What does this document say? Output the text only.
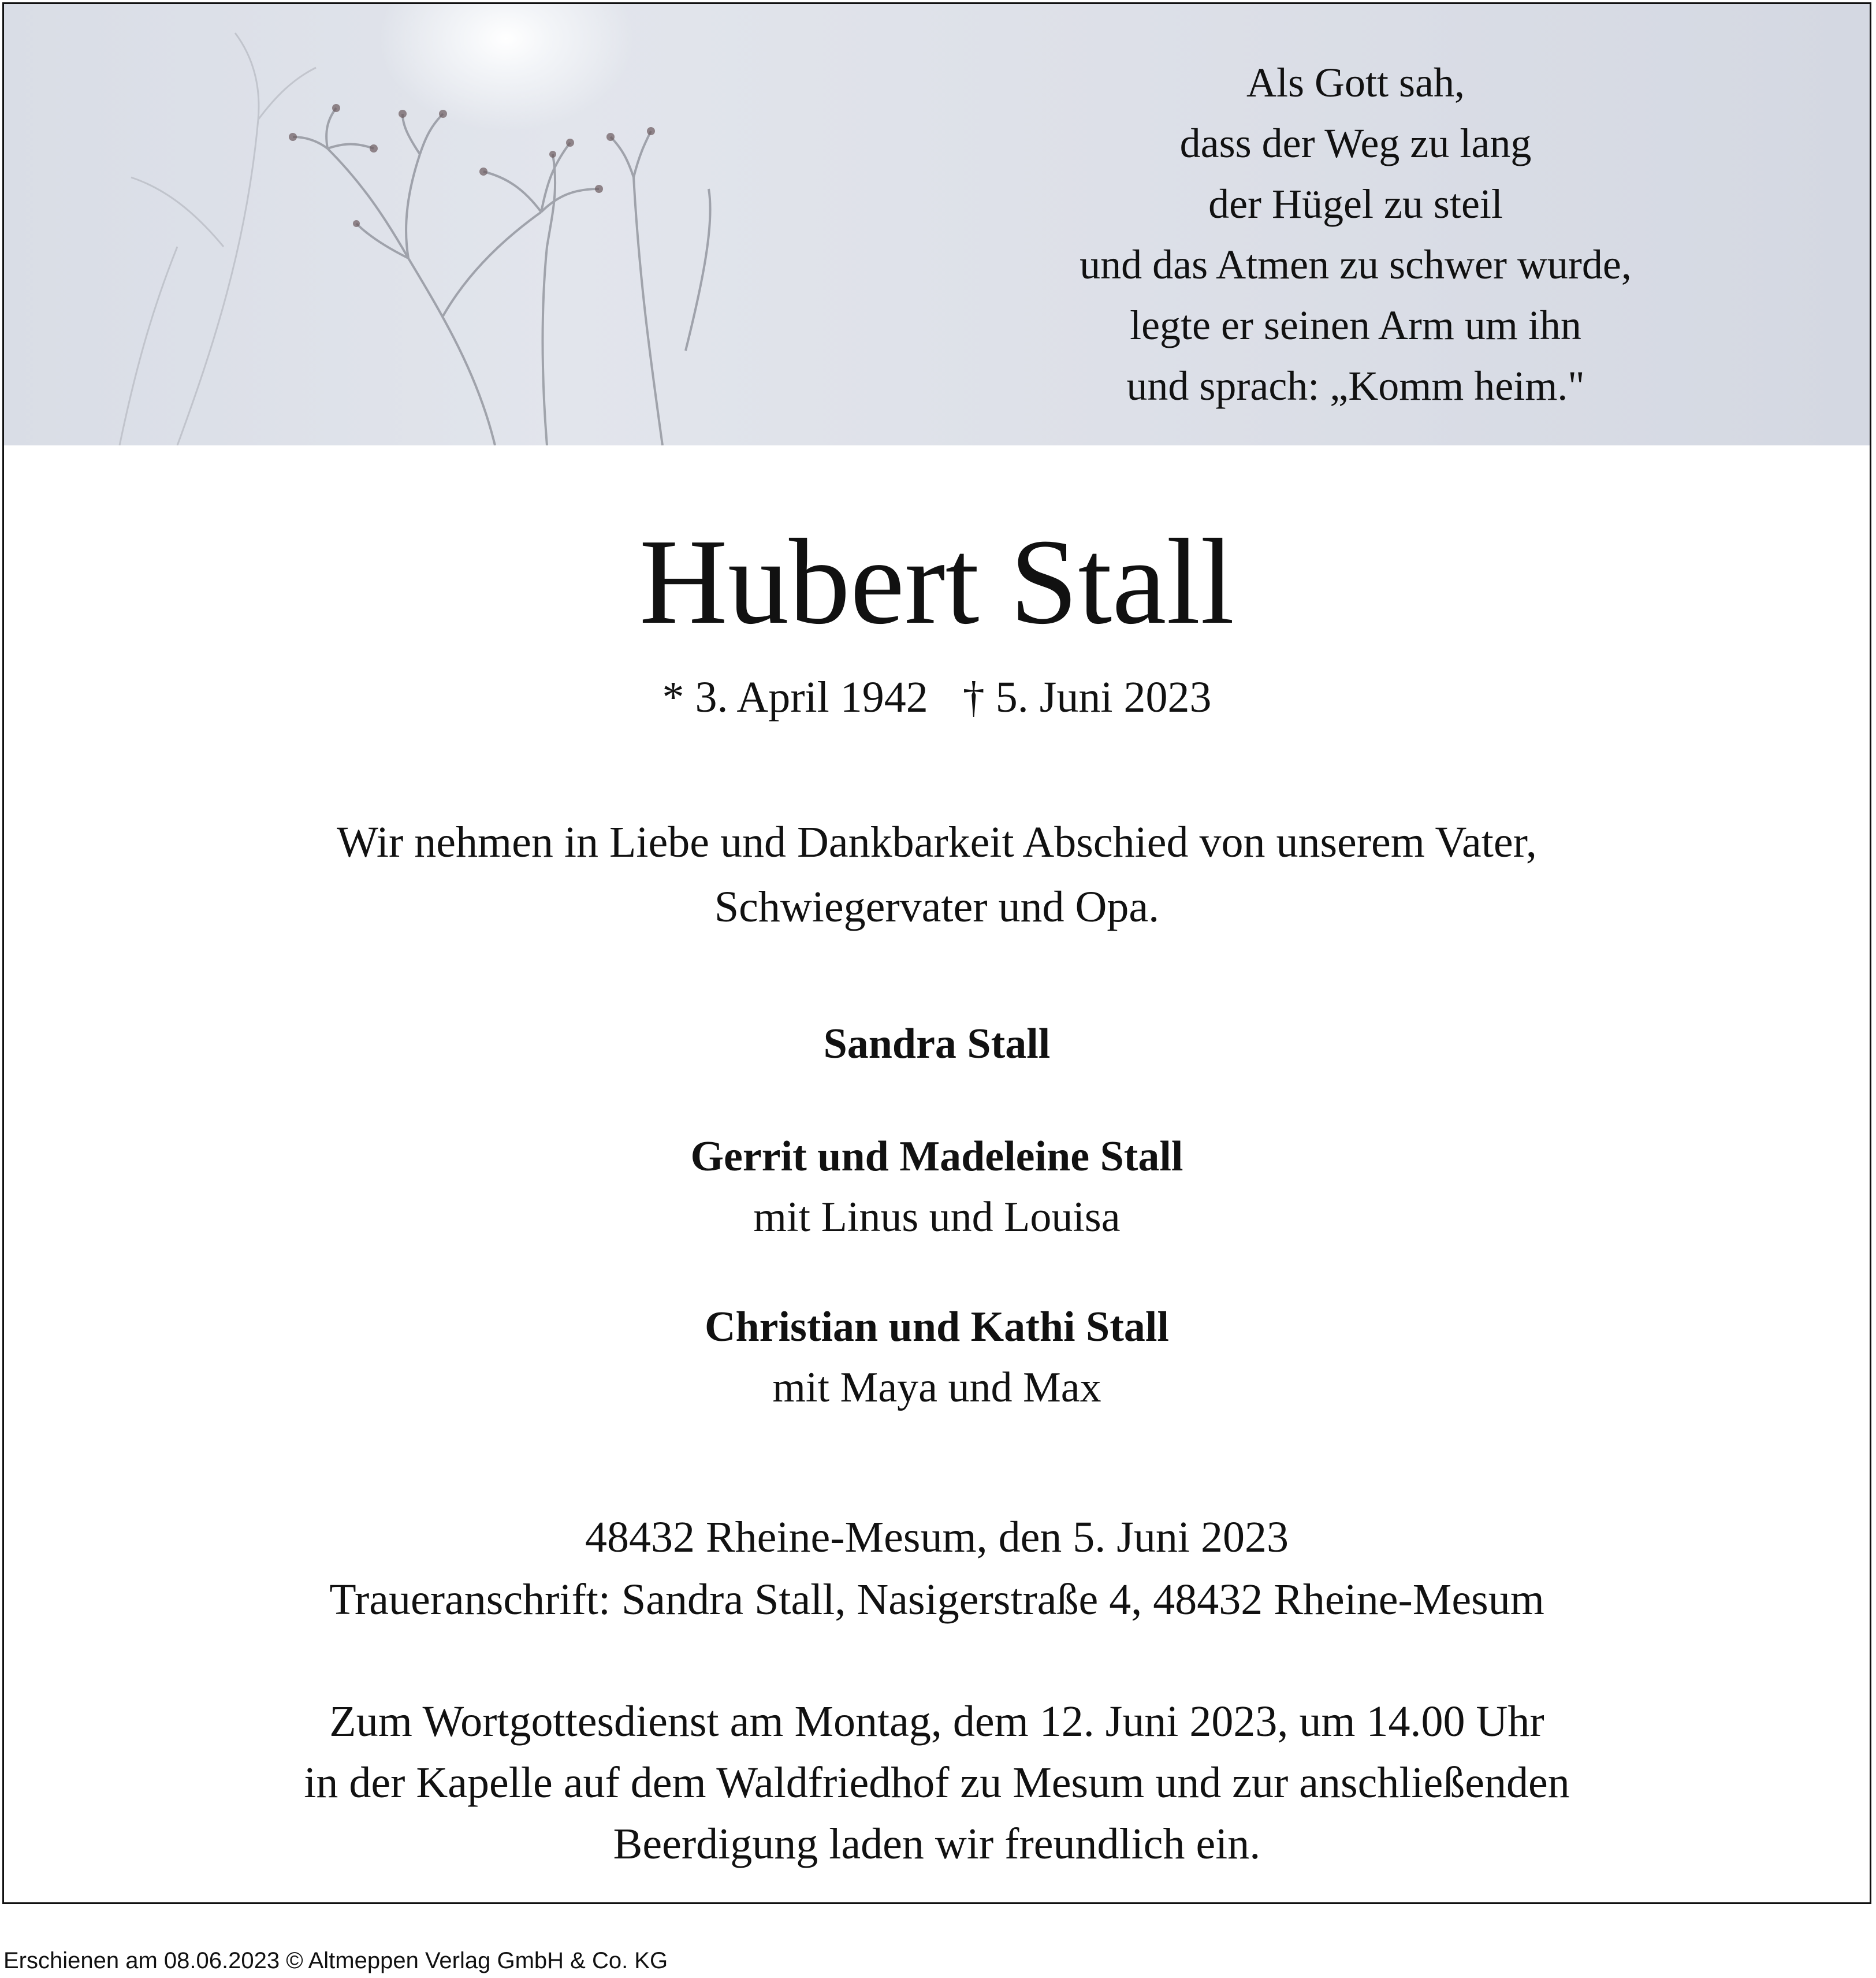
Als Gott sah,
dass der Weg zu lang
der Hügel zu steil
und das Atmen zu schwer wurde,
legte er seinen Arm um ihn
und sprach: „Komm heim."
Hubert Stall
* 3. April 1942 † 5. Juni 2023
Wir nehmen in Liebe und Dankbarkeit Abschied von unserem Vater,
Schwiegervater und Opa.
Sandra Stall
Gerrit und Madeleine Stall
mit Linus und Louisa
Christian und Kathi Stall
mit Maya und Max
48432 Rheine-Mesum, den 5. Juni 2023
Traueranschrift: Sandra Stall, Nasigerstraße 4, 48432 Rheine-Mesum
Zum Wortgottesdienst am Montag, dem 12. Juni 2023, um 14.00 Uhr
in der Kapelle auf dem Waldfriedhof zu Mesum und zur anschließenden
Beerdigung laden wir freundlich ein.
Erschienen am 08.06.2023 © Altmeppen Verlag GmbH & Co. KG
